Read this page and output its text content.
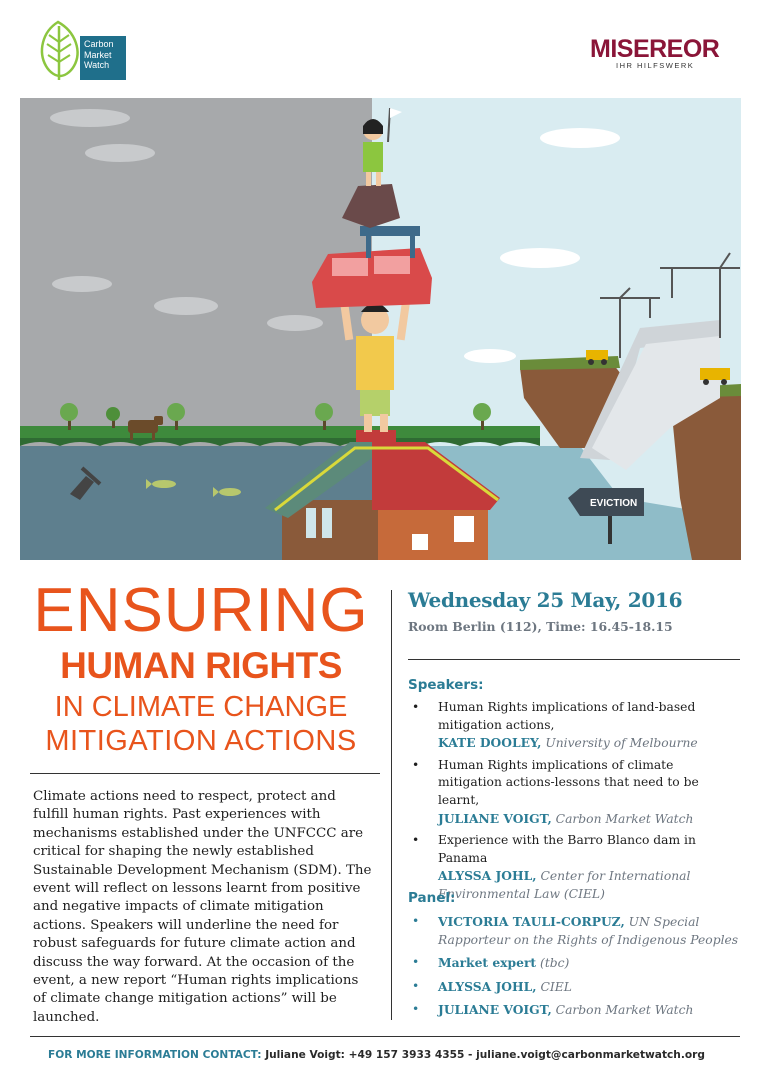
Carbon
Market
Watch
MISEREOR
IHR HILFSWERK
EVICTION
ENSURING
HUMAN RIGHTS
IN CLIMATE CHANGE
MITIGATION ACTIONS

Climate actions need to respect, protect and fulfill human rights. Past experiences with mechanisms established under the UNFCCC are critical for shaping the newly established Sustainable Development Mechanism (SDM). The event will reflect on lessons learnt from positive and negative impacts of climate mitigation actions. Speakers will underline the need for robust safeguards for future climate action and discuss the way forward. At the occasion of the event, a new report “Human rights implications of climate change mitigation actions” will be launched.

Wednesday 25 May, 2016
Room Berlin (112), Time: 16.45-18.15
Speakers:
• Human Rights implications of land-based mitigation actions,
KATE DOOLEY, University of Melbourne
• Human Rights implications of climate mitigation actions-lessons that need to be learnt,
JULIANE VOIGT, Carbon Market Watch
• Experience with the Barro Blanco dam in Panama
ALYSSA JOHL, Center for International Environmental Law (CIEL)
Panel:
• VICTORIA TAULI-CORPUZ, UN Special Rapporteur on the Rights of Indigenous Peoples
• Market expert (tbc)
• ALYSSA JOHL, CIEL
• JULIANE VOIGT, Carbon Market Watch
FOR MORE INFORMATION CONTACT: Juliane Voigt: +49 157 3933 4355 - juliane.voigt@carbonmarketwatch.org
